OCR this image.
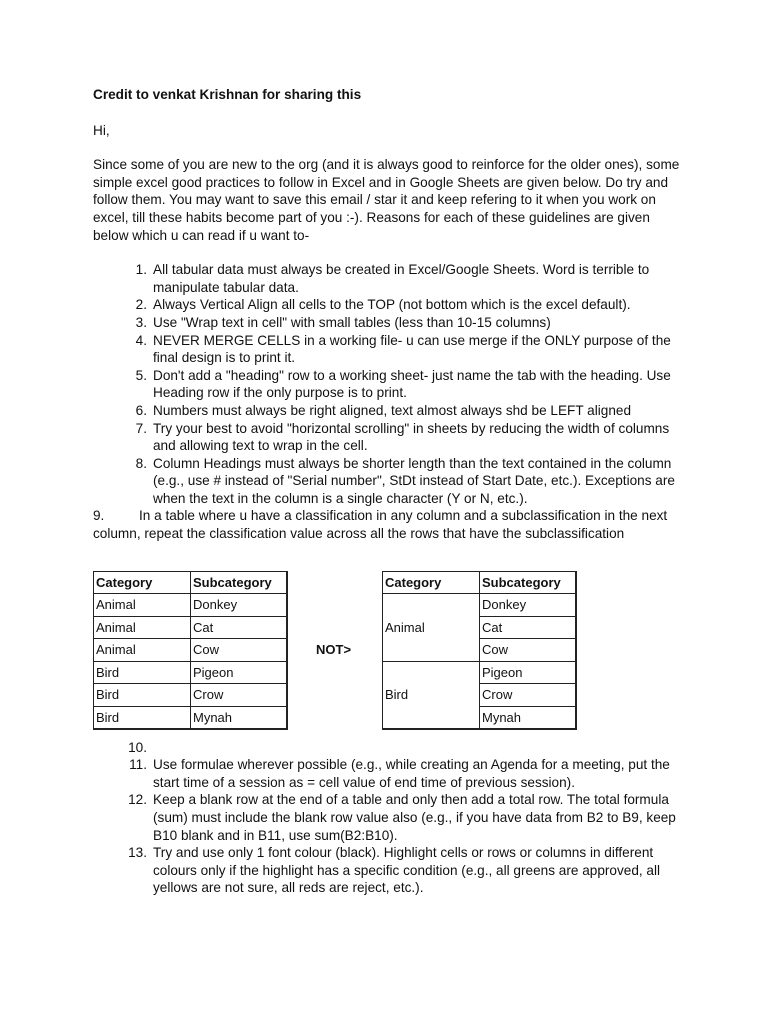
Credit to venkat Krishnan for sharing this

Hi,

Since some of you are new to the org (and it is always good to reinforce for the older ones), some simple excel good practices to follow in Excel and in Google Sheets are given below. Do try and follow them. You may want to save this email / star it and keep refering to it when you work on excel, till these habits become part of you :-). Reasons for each of these guidelines are given below which u can read if u want to-

1. All tabular data must always be created in Excel/Google Sheets. Word is terrible to manipulate tabular data.
2. Always Vertical Align all cells to the TOP (not bottom which is the excel default).
3. Use "Wrap text in cell" with small tables (less than 10-15 columns)
4. NEVER MERGE CELLS in a working file- u can use merge if the ONLY purpose of the final design is to print it.
5. Don't add a "heading" row to a working sheet- just name the tab with the heading. Use Heading row if the only purpose is to print.
6. Numbers must always be right aligned, text almost always shd be LEFT aligned
7. Try your best to avoid "horizontal scrolling" in sheets by reducing the width of columns and allowing text to wrap in the cell.
8. Column Headings must always be shorter length than the text contained in the column (e.g., use # instead of "Serial number", StDt instead of Start Date, etc.). Exceptions are when the text in the column is a single character (Y or N, etc.).

9.	In a table where u have a classification in any column and a subclassification in the next column, repeat the classification value across all the rows that have the subclassification

Category	Subcategory
Animal	Donkey
Animal	Cat
Animal	Cow
Bird	Pigeon
Bird	Crow
Bird	Mynah
NOT>
Category	Subcategory
Animal	Donkey
	Cat
	Cow
Bird	Pigeon
	Crow
	Mynah
10.
11. Use formulae wherever possible (e.g., while creating an Agenda for a meeting, put the start time of a session as = cell value of end time of previous session).
12. Keep a blank row at the end of a table and only then add a total row. The total formula (sum) must include the blank row value also (e.g., if you have data from B2 to B9, keep B10 blank and in B11, use sum(B2:B10).
13. Try and use only 1 font colour (black). Highlight cells or rows or columns in different colours only if the highlight has a specific condition (e.g., all greens are approved, all yellows are not sure, all reds are reject, etc.).
